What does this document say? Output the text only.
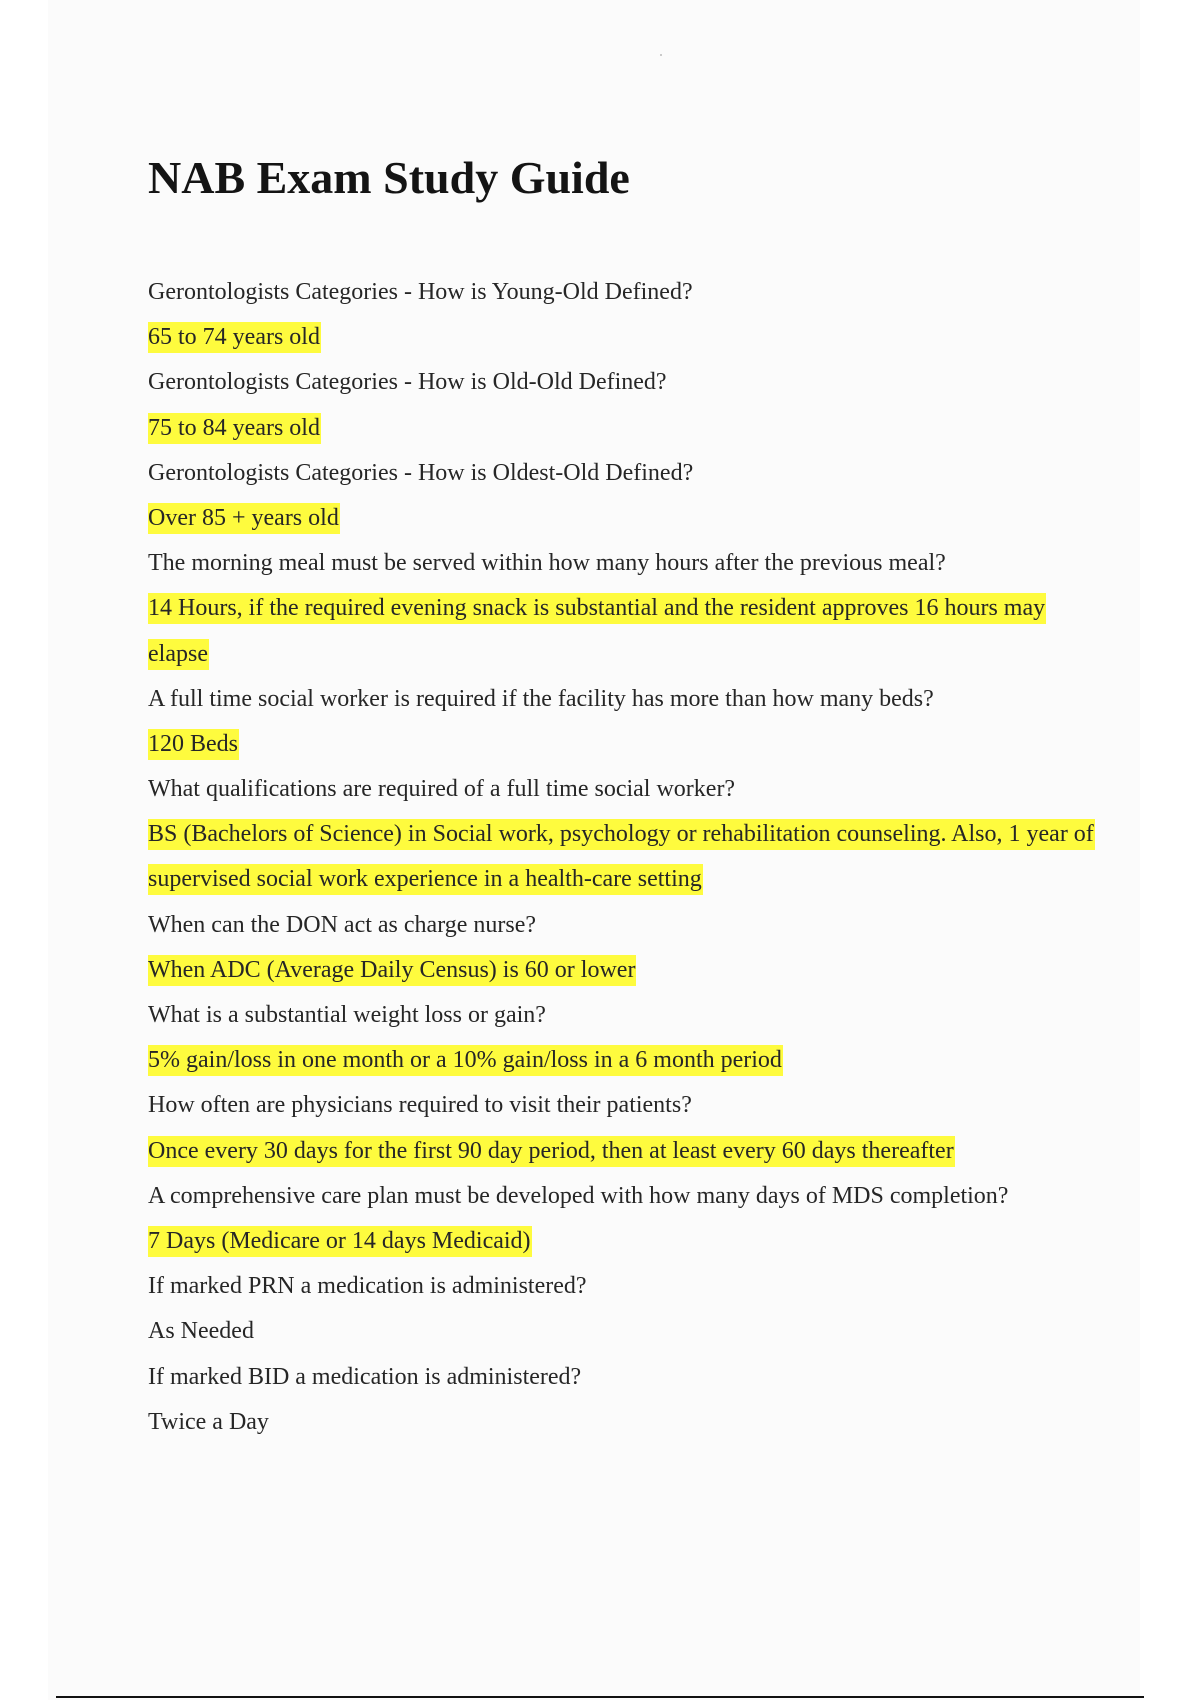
NAB Exam Study Guide
Gerontologists Categories - How is Young-Old Defined?
65 to 74 years old
Gerontologists Categories - How is Old-Old Defined?
75 to 84 years old
Gerontologists Categories - How is Oldest-Old Defined?
Over 85 + years old
The morning meal must be served within how many hours after the previous meal?
14 Hours, if the required evening snack is substantial and the resident approves 16 hours may elapse
A full time social worker is required if the facility has more than how many beds?
120 Beds
What qualifications are required of a full time social worker?
BS (Bachelors of Science) in Social work, psychology or rehabilitation counseling. Also, 1 year of supervised social work experience in a health-care setting
When can the DON act as charge nurse?
When ADC (Average Daily Census) is 60 or lower
What is a substantial weight loss or gain?
5% gain/loss in one month or a 10% gain/loss in a 6 month period
How often are physicians required to visit their patients?
Once every 30 days for the first 90 day period, then at least every 60 days thereafter
A comprehensive care plan must be developed with how many days of MDS completion?
7 Days (Medicare or 14 days Medicaid)
If marked PRN a medication is administered?
As Needed
If marked BID a medication is administered?
Twice a Day
